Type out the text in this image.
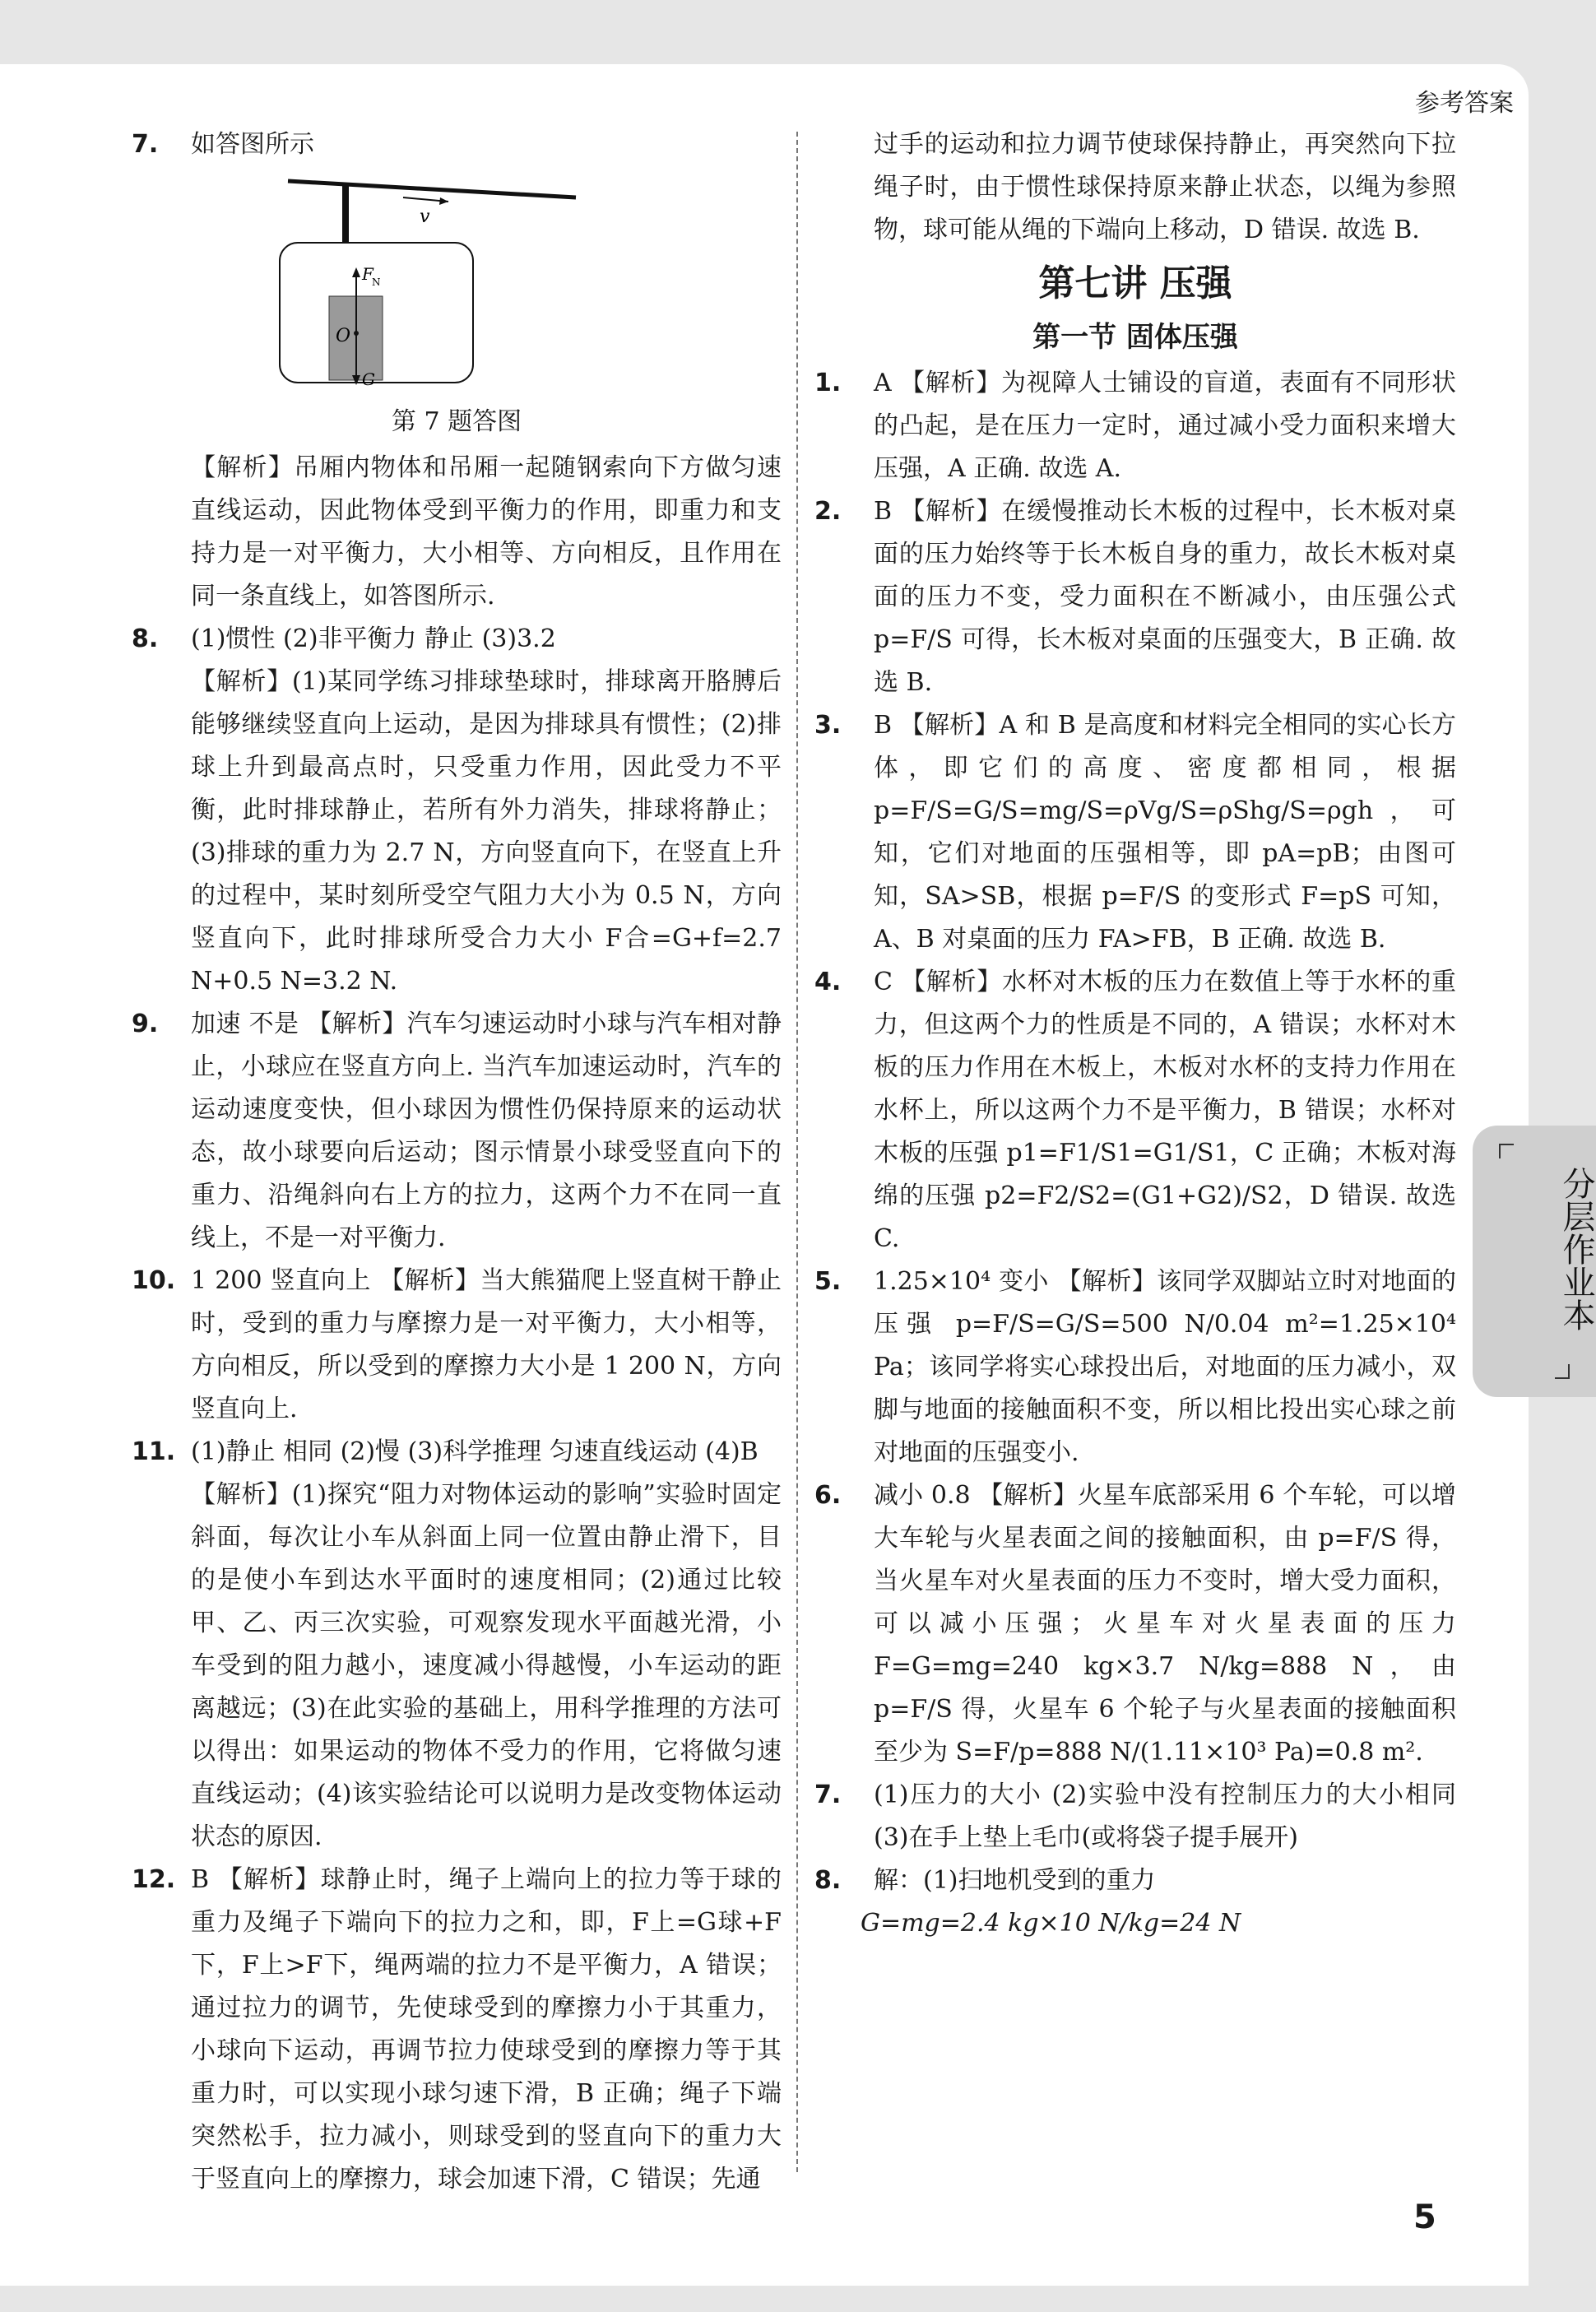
参考答案
7. 如答图所示
v
F
N
O
G
第 7 题答图
【解析】吊厢内物体和吊厢一起随钢索向下方做匀速直线运动，因此物体受到平衡力的作用，即重力和支持力是一对平衡力，大小相等、方向相反，且作用在同一条直线上，如答图所示.
8. (1)惯性 (2)非平衡力 静止 (3)3.2
【解析】(1)某同学练习排球垫球时，排球离开胳膊后能够继续竖直向上运动，是因为排球具有惯性；(2)排球上升到最高点时，只受重力作用，因此受力不平衡，此时排球静止，若所有外力消失，排球将静止；(3)排球的重力为 2.7 N，方向竖直向下，在竖直上升的过程中，某时刻所受空气阻力大小为 0.5 N，方向竖直向下，此时排球所受合力大小 F合=G+f=2.7 N+0.5 N=3.2 N.
9. 加速 不是 【解析】汽车匀速运动时小球与汽车相对静止，小球应在竖直方向上. 当汽车加速运动时，汽车的运动速度变快，但小球因为惯性仍保持原来的运动状态，故小球要向后运动；图示情景小球受竖直向下的重力、沿绳斜向右上方的拉力，这两个力不在同一直线上，不是一对平衡力.
10. 1 200 竖直向上 【解析】当大熊猫爬上竖直树干静止时，受到的重力与摩擦力是一对平衡力，大小相等，方向相反，所以受到的摩擦力大小是 1 200 N，方向竖直向上.
11. (1)静止 相同 (2)慢 (3)科学推理 匀速直线运动 (4)B
【解析】(1)探究“阻力对物体运动的影响”实验时固定斜面，每次让小车从斜面上同一位置由静止滑下，目的是使小车到达水平面时的速度相同；(2)通过比较甲、乙、丙三次实验，可观察发现水平面越光滑，小车受到的阻力越小，速度减小得越慢，小车运动的距离越远；(3)在此实验的基础上，用科学推理的方法可以得出：如果运动的物体不受力的作用，它将做匀速直线运动；(4)该实验结论可以说明力是改变物体运动状态的原因.
12. B 【解析】球静止时，绳子上端向上的拉力等于球的重力及绳子下端向下的拉力之和，即，F上=G球+F下，F上>F下，绳两端的拉力不是平衡力，A 错误；通过拉力的调节，先使球受到的摩擦力小于其重力，小球向下运动，再调节拉力使球受到的摩擦力等于其重力时，可以实现小球匀速下滑，B 正确；绳子下端突然松手，拉力减小，则球受到的竖直向下的重力大于竖直向上的摩擦力，球会加速下滑，C 错误；先通
过手的运动和拉力调节使球保持静止，再突然向下拉绳子时，由于惯性球保持原来静止状态，以绳为参照物，球可能从绳的下端向上移动，D 错误. 故选 B.
第七讲 压强
第一节 固体压强
1. A 【解析】为视障人士铺设的盲道，表面有不同形状的凸起，是在压力一定时，通过减小受力面积来增大压强，A 正确. 故选 A.
2. B 【解析】在缓慢推动长木板的过程中，长木板对桌面的压力始终等于长木板自身的重力，故长木板对桌面的压力不变，受力面积在不断减小，由压强公式 p=F/S 可得，长木板对桌面的压强变大，B 正确. 故选 B.
3. B 【解析】A 和 B 是高度和材料完全相同的实心长方体，即它们的高度、密度都相同，根据 p=F/S=G/S=mg/S=ρVg/S=ρShg/S=ρgh，可知，它们对地面的压强相等，即 pA=pB；由图可知，SA>SB，根据 p=F/S 的变形式 F=pS 可知，A、B 对桌面的压力 FA>FB，B 正确. 故选 B.
4. C 【解析】水杯对木板的压力在数值上等于水杯的重力，但这两个力的性质是不同的，A 错误；水杯对木板的压力作用在木板上，木板对水杯的支持力作用在水杯上，所以这两个力不是平衡力，B 错误；水杯对木板的压强 p1=F1/S1=G1/S1，C 正确；木板对海绵的压强 p2=F2/S2=(G1+G2)/S2，D 错误. 故选 C.
5. 1.25×10⁴ 变小 【解析】该同学双脚站立时对地面的压强 p=F/S=G/S=500 N/0.04 m²=1.25×10⁴ Pa；该同学将实心球投出后，对地面的压力减小，双脚与地面的接触面积不变，所以相比投出实心球之前对地面的压强变小.
6. 减小 0.8 【解析】火星车底部采用 6 个车轮，可以增大车轮与火星表面之间的接触面积，由 p=F/S 得，当火星车对火星表面的压力不变时，增大受力面积，可以减小压强；火星车对火星表面的压力 F=G=mg=240 kg×3.7 N/kg=888 N，由 p=F/S 得，火星车 6 个轮子与火星表面的接触面积至少为 S=F/p=888 N/(1.11×10³ Pa)=0.8 m².
7. (1)压力的大小 (2)实验中没有控制压力的大小相同 (3)在手上垫上毛巾(或将袋子提手展开)
8. 解：(1)扫地机受到的重力
G=mg=2.4 kg×10 N/kg=24 N
分层作业本
5
